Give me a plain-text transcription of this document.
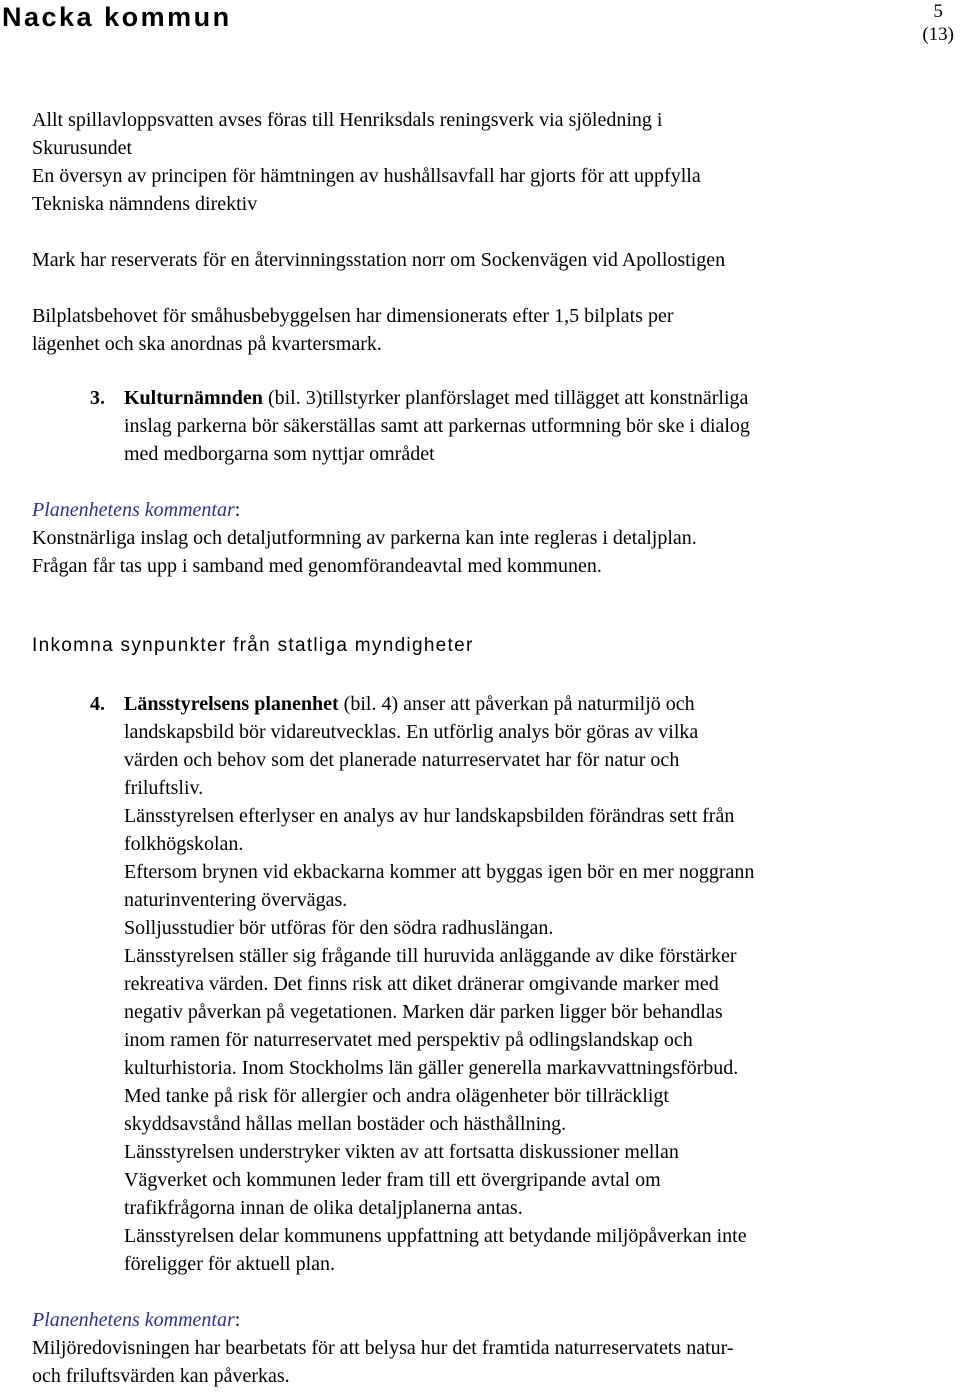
Nacka kommun	5
(13)

Allt spillavloppsvatten avses föras till Henriksdals reningsverk via sjöledning i

Skurusundet

En översyn av principen för hämtningen av hushållsavfall har gjorts för att uppfylla

Tekniska nämndens direktiv

Mark har reserverats för en återvinningsstation norr om Sockenvägen vid Apollostigen

Bilplatsbehovet för småhusbebyggelsen har dimensionerats efter 1,5 bilplats per

lägenhet och ska anordnas på kvartersmark.

3. Kulturnämnden (bil. 3)tillstyrker planförslaget med tillägget att konstnärliga

inslag parkerna bör säkerställas samt att parkernas utformning bör ske i dialog

med medborgarna som nyttjar området

Planenhetens kommentar:

Konstnärliga inslag och detaljutformning av parkerna kan inte regleras i detaljplan.

Frågan får tas upp i samband med genomförandeavtal med kommunen.

Inkomna synpunkter från statliga myndigheter

4. Länsstyrelsens planenhet (bil. 4) anser att påverkan på naturmiljö och

landskapsbild bör vidareutvecklas. En utförlig analys bör göras av vilka

värden och behov som det planerade naturreservatet har för natur och

friluftsliv.

Länsstyrelsen efterlyser en analys av hur landskapsbilden förändras sett från

folkhögskolan.

Eftersom brynen vid ekbackarna kommer att byggas igen bör en mer noggrann

naturinventering övervägas.

Solljusstudier bör utföras för den södra radhuslängan.

Länsstyrelsen ställer sig frågande till huruvida anläggande av dike förstärker

rekreativa värden. Det finns risk att diket dränerar omgivande marker med

negativ påverkan på vegetationen. Marken där parken ligger bör behandlas

inom ramen för naturreservatet med perspektiv på odlingslandskap och

kulturhistoria. Inom Stockholms län gäller generella markavvattningsförbud.

Med tanke på risk för allergier och andra olägenheter bör tillräckligt

skyddsavstånd hållas mellan bostäder och hästhållning.

Länsstyrelsen understryker vikten av att fortsatta diskussioner mellan

Vägverket och kommunen leder fram till ett övergripande avtal om

trafikfrågorna innan de olika detaljplanerna antas.

Länsstyrelsen delar kommunens uppfattning att betydande miljöpåverkan inte

föreligger för aktuell plan.

Planenhetens kommentar:

Miljöredovisningen har bearbetats för att belysa hur det framtida naturreservatets natur-

och friluftsvärden kan påverkas.
